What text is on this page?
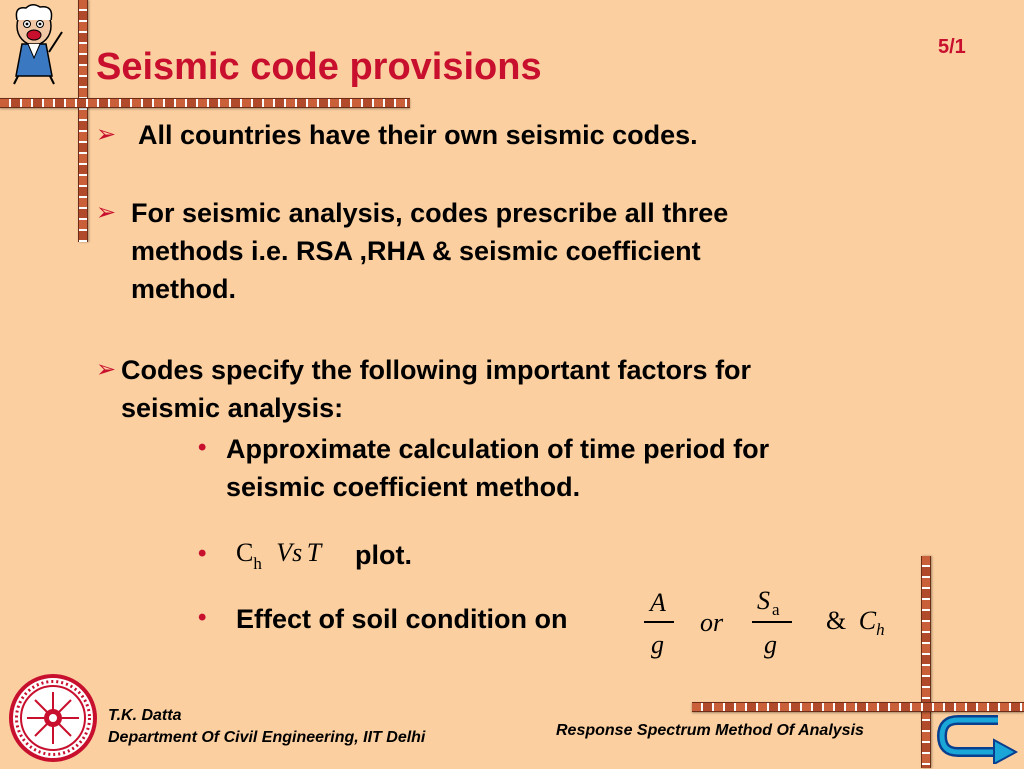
Seismic code provisions	5/1
➢ All countries have their own seismic codes.
➢ For seismic analysis, codes prescribe all three
methods i.e. RSA ,RHA & seismic coefficient
method.
➢ Codes specify the following important factors for
seismic analysis:
• Approximate calculation of time period for
seismic coefficient method.
• Ch Vs T plot.
• Effect of soil condition on
A
g
or
S $_a$
g
& $C_h$
T.K. Datta
Department Of Civil Engineering, IIT Delhi	Response Spectrum Method Of Analysis
